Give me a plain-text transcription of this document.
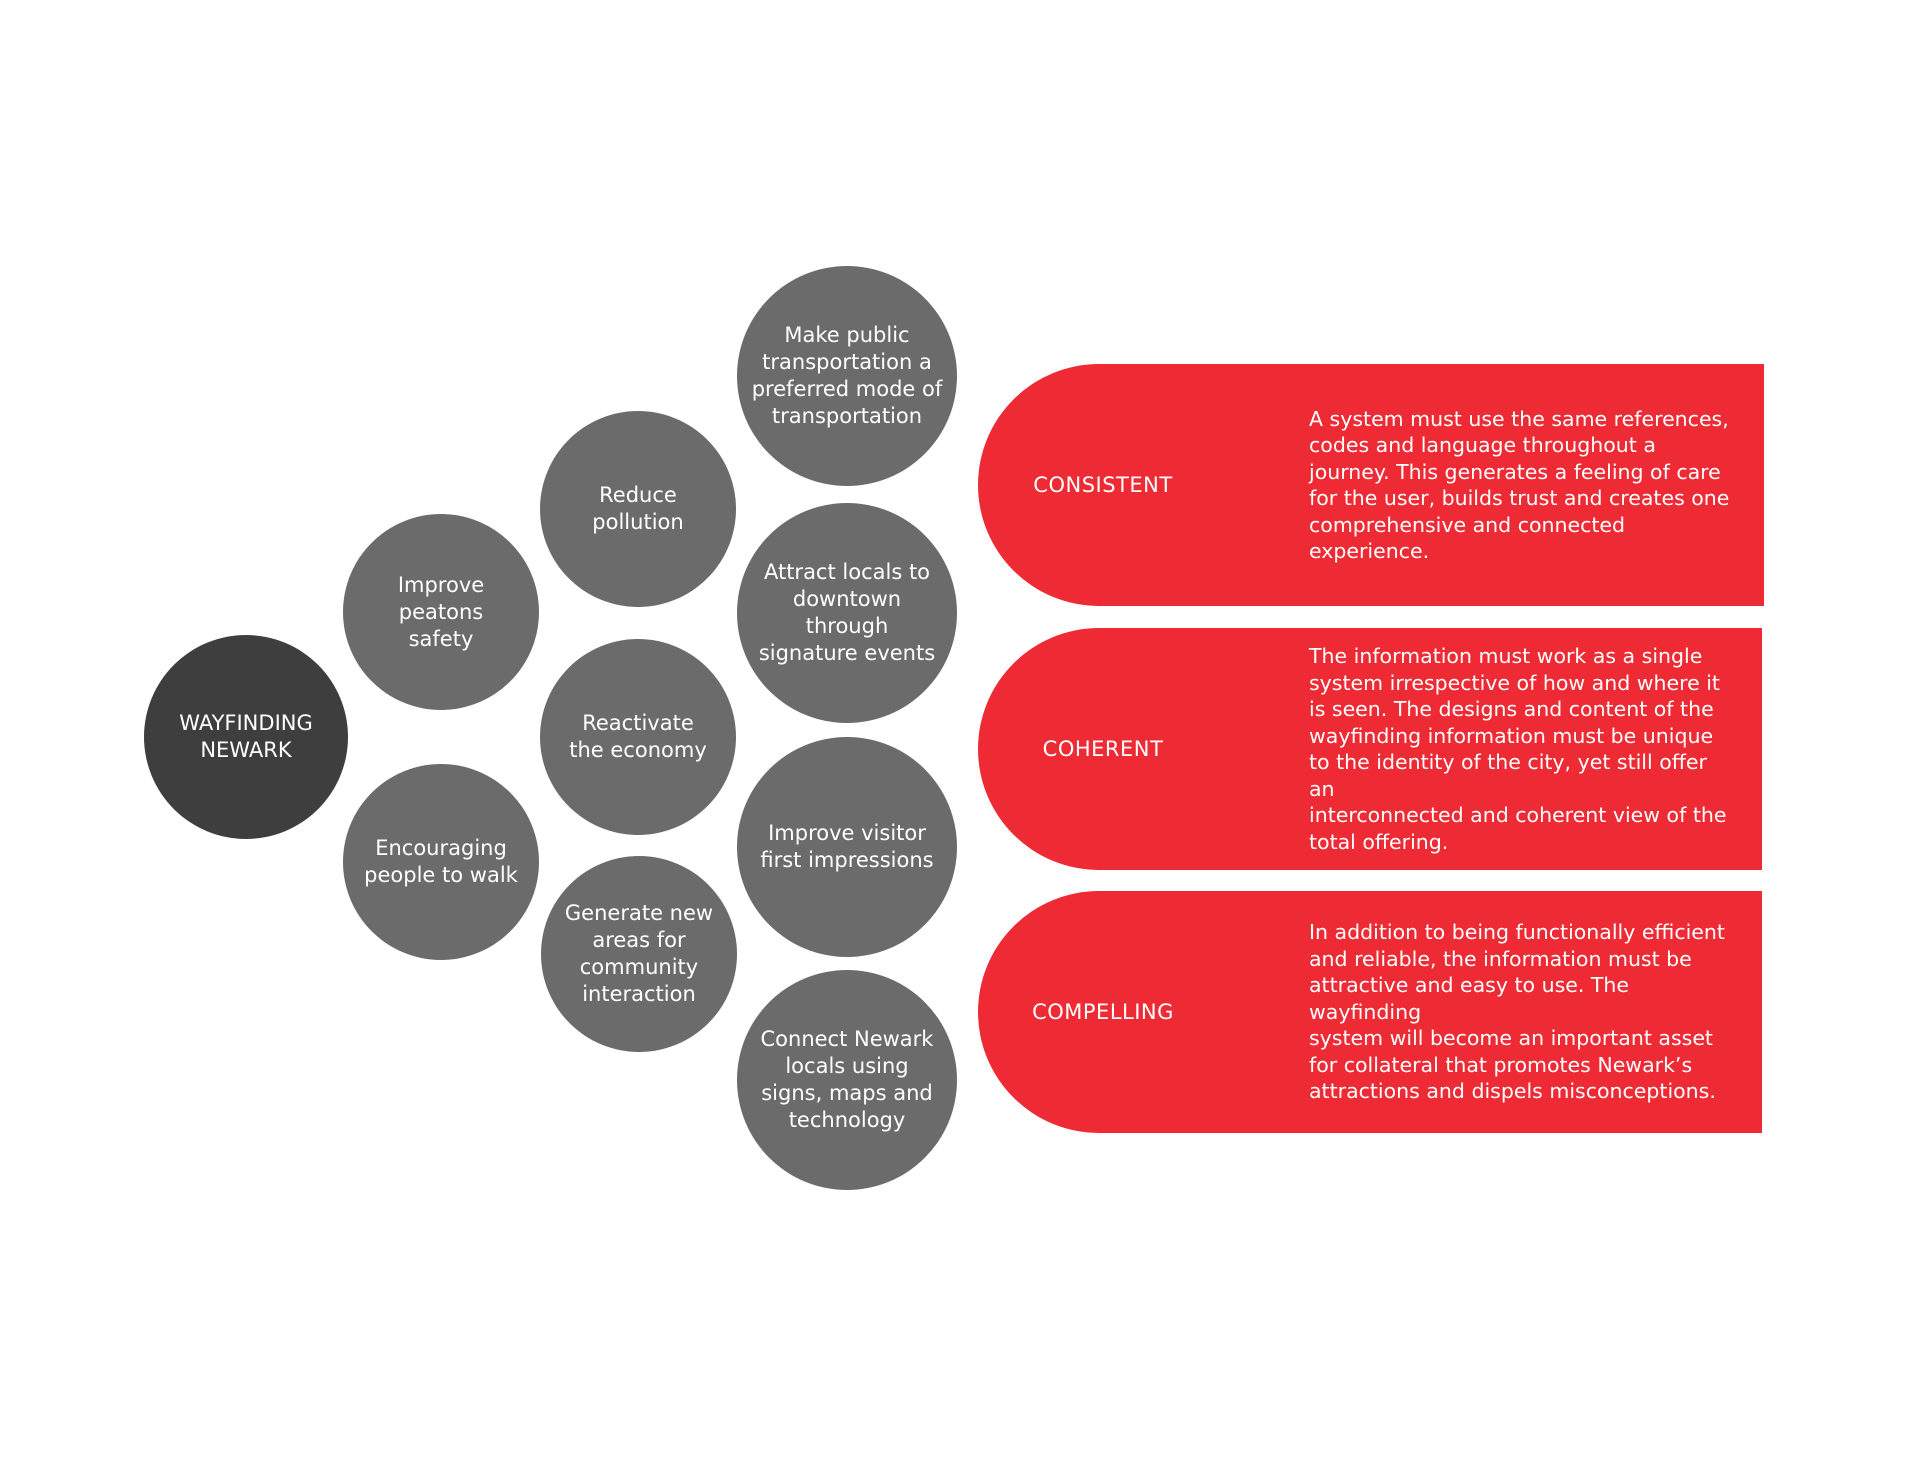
WAYFINDING
NEWARK
Improve peatons
safety
Encouraging
people to walk
Reduce
pollution
Reactivate
the economy
Generate new
areas for
community
interaction
Make public
transportation a
preferred mode of
transportation
Attract locals to
downtown through
signature events
Improve visitor
first impressions
Connect Newark
locals using
signs, maps and
technology
CONSISTENT
A system must use the same references,
codes and language throughout a
journey. This generates a feeling of care
for the user, builds trust and creates one
comprehensive and connected experience.
COHERENT
The information must work as a single
system irrespective of how and where it
is seen. The designs and content of the
wayfinding information must be unique
to the identity of the city, yet still offer an
interconnected and coherent view of the
total offering.
COMPELLING
In addition to being functionally efficient
and reliable, the information must be
attractive and easy to use. The wayfinding
system will become an important asset
for collateral that promotes Newark’s
attractions and dispels misconceptions.
